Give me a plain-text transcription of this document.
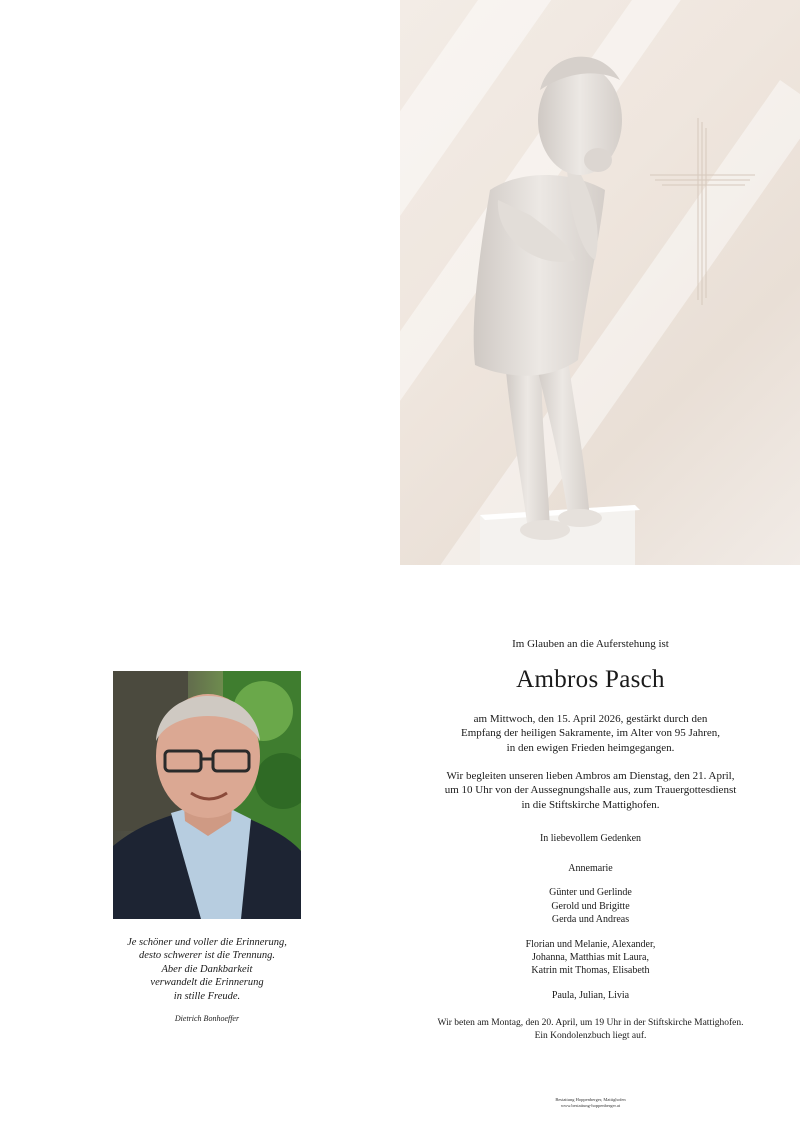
Je schöner und voller die Erinnerung,
desto schwerer ist die Trennung.
Aber die Dankbarkeit
verwandelt die Erinnerung
in stille Freude.
Dietrich Bonhoeffer
Im Glauben an die Auferstehung ist
Ambros Pasch
am Mittwoch, den 15. April 2026, gestärkt durch den
Empfang der heiligen Sakramente, im Alter von 95 Jahren,
in den ewigen Frieden heimgegangen.
Wir begleiten unseren lieben Ambros am Dienstag, den 21. April,
um 10 Uhr von der Aussegnungshalle aus, zum Trauergottesdienst
in die Stiftskirche Mattighofen.
In liebevollem Gedenken
Annemarie
Günter und Gerlinde
Gerold und Brigitte
Gerda und Andreas
Florian und Melanie, Alexander,
Johanna, Matthias mit Laura,
Katrin mit Thomas, Elisabeth
Paula, Julian, Livia
Wir beten am Montag, den 20. April, um 19 Uhr in der Stiftskirche Mattighofen.
Ein Kondolenzbuch liegt auf.
Bestattung Hoppenberger, Mattighofen
www.bestattung-hoppenberger.at
